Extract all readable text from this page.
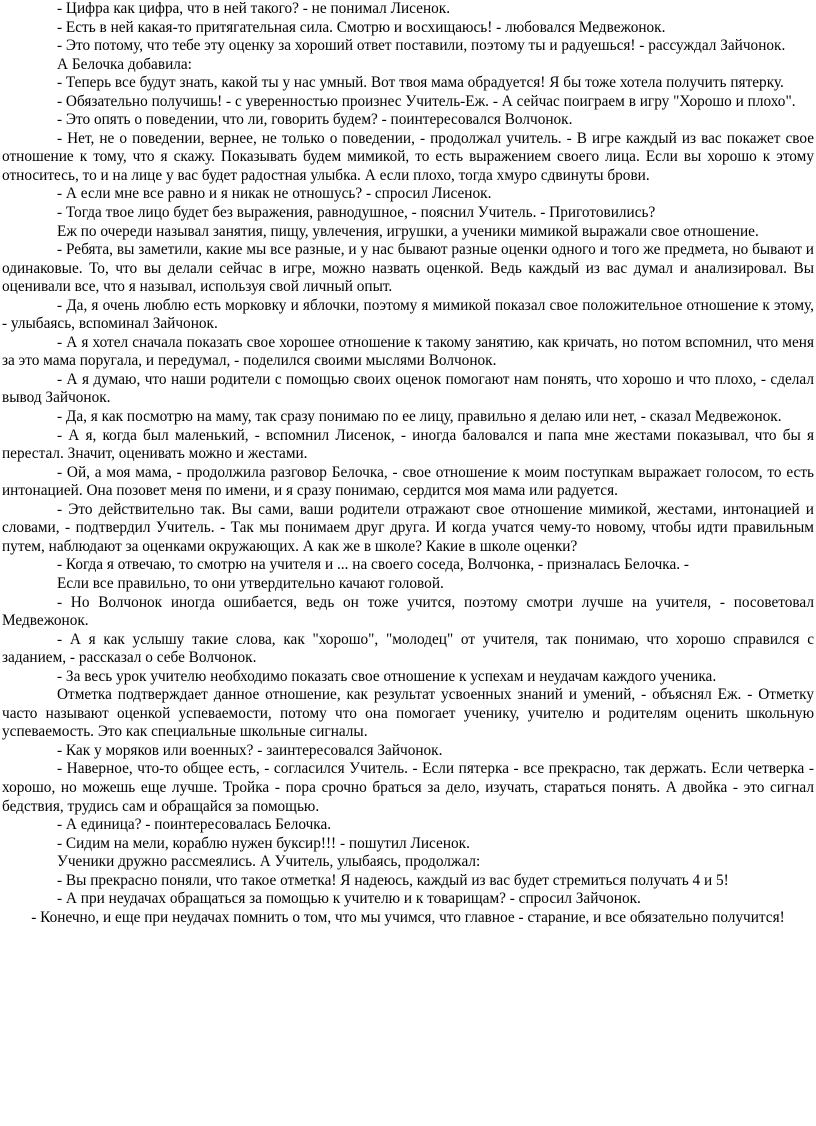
- Цифра как цифра, что в ней такого? - не понимал Лисенок.

- Есть в ней какая-то притягательная сила. Смотрю и восхищаюсь! - любовался Медвежонок.

- Это потому, что тебе эту оценку за хороший ответ поставили, поэтому ты и радуешься! - рассуждал Зайчонок.

А Белочка добавила:

- Теперь все будут знать, какой ты у нас умный. Вот твоя мама обрадуется! Я бы тоже хотела получить пятерку.

- Обязательно получишь! - с уверенностью произнес Учитель-Еж. - А сейчас поиграем в игру "Хорошо и плохо".

- Это опять о поведении, что ли, говорить будем? - поинтересовался Волчонок.

- Нет, не о поведении, вернее, не только о поведении, - продолжал учитель. - В игре каждый из вас покажет свое отношение к тому, что я скажу. Показывать будем мимикой, то есть выражением своего лица. Если вы хорошо к этому относитесь, то и на лице у вас будет радостная улыбка. А если плохо, тогда хмуро сдвинуты брови.

- А если мне все равно и я никак не отношусь? - спросил Лисенок.

- Тогда твое лицо будет без выражения, равнодушное, - пояснил Учитель. - Приготовились?

Еж по очереди называл занятия, пищу, увлечения, игрушки, а ученики мимикой выражали свое отношение.

- Ребята, вы заметили, какие мы все разные, и у нас бывают разные оценки одного и того же предмета, но бывают и одинаковые. То, что вы делали сейчас в игре, можно назвать оценкой. Ведь каждый из вас думал и анализировал. Вы оценивали все, что я называл, используя свой личный опыт.

- Да, я очень люблю есть морковку и яблочки, поэтому я мимикой показал свое положительное отношение к этому, - улыбаясь, вспоминал Зайчонок.

- А я хотел сначала показать свое хорошее отношение к такому занятию, как кричать, но потом вспомнил, что меня за это мама поругала, и передумал, - поделился своими мыслями Волчонок.

- А я думаю, что наши родители с помощью своих оценок помогают нам понять, что хорошо и что плохо, - сделал вывод Зайчонок.

- Да, я как посмотрю на маму, так сразу понимаю по ее лицу, правильно я делаю или нет, - сказал Медвежонок.

- А я, когда был маленький, - вспомнил Лисенок, - иногда баловался и папа мне жестами показывал, что бы я перестал. Значит, оценивать можно и жестами.

- Ой, а моя мама, - продолжила разговор Белочка, - свое отношение к моим поступкам выражает голосом, то есть интонацией. Она позовет меня по имени, и я сразу понимаю, сердится моя мама или радуется.

- Это действительно так. Вы сами, ваши родители отражают свое отношение мимикой, жестами, интонацией и словами, - подтвердил Учитель. - Так мы понимаем друг друга. И когда учатся чему-то новому, чтобы идти правильным путем, наблюдают за оценками окружающих. А как же в школе? Какие в школе оценки?

- Когда я отвечаю, то смотрю на учителя и ... на своего соседа, Волчонка, - призналась Белочка. -

Если все правильно, то они утвердительно качают головой.

- Но Волчонок иногда ошибается, ведь он тоже учится, поэтому смотри лучше на учителя, - посоветовал Медвежонок.

- А я как услышу такие слова, как "хорошо", "молодец" от учителя, так понимаю, что хорошо справился с заданием, - рассказал о себе Волчонок.

- За весь урок учителю необходимо показать свое отношение к успехам и неудачам каждого ученика.

Отметка подтверждает данное отношение, как результат усвоенных знаний и умений, - объяснял Еж. - Отметку часто называют оценкой успеваемости, потому что она помогает ученику, учителю и родителям оценить школьную успеваемость. Это как специальные школьные сигналы.

- Как у моряков или военных? - заинтересовался Зайчонок.

- Наверное, что-то общее есть, - согласился Учитель. - Если пятерка - все прекрасно, так держать. Если четверка - хорошо, но можешь еще лучше. Тройка - пора срочно браться за дело, изучать, стараться понять. А двойка - это сигнал бедствия, трудись сам и обращайся за помощью.

- А единица? - поинтересовалась Белочка.

- Сидим на мели, кораблю нужен буксир!!! - пошутил Лисенок.

Ученики дружно рассмеялись. А Учитель, улыбаясь, продолжал:

- Вы прекрасно поняли, что такое отметка! Я надеюсь, каждый из вас будет стремиться получать 4 и 5!

- А при неудачах обращаться за помощью к учителю и к товарищам? - спросил Зайчонок.

- Конечно, и еще при неудачах помнить о том, что мы учимся, что главное - старание, и все обязательно получится!
